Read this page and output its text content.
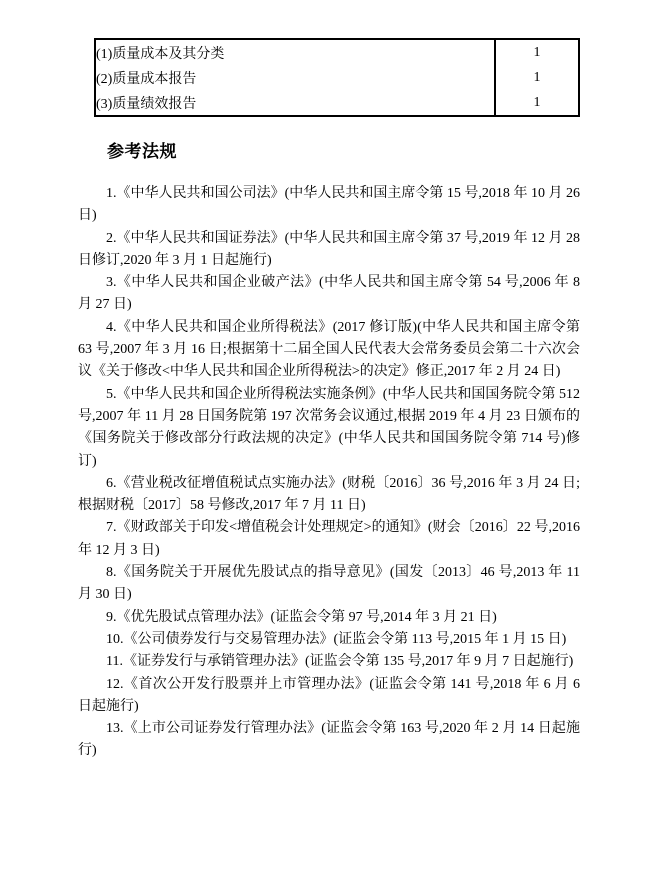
(1)质量成本及其分类	1
(2)质量成本报告	1
(3)质量绩效报告	1
参考法规

1.《中华人民共和国公司法》(中华人民共和国主席令第 15 号,2018 年 10 月 26 日)

2.《中华人民共和国证券法》(中华人民共和国主席令第 37 号,2019 年 12 月 28 日修订,2020 年 3 月 1 日起施行)

3.《中华人民共和国企业破产法》(中华人民共和国主席令第 54 号,2006 年 8 月 27 日)

4.《中华人民共和国企业所得税法》(2017 修订版)(中华人民共和国主席令第 63 号,2007 年 3 月 16 日;根据第十二届全国人民代表大会常务委员会第二十六次会议《关于修改<中华人民共和国企业所得税法>的决定》修正,2017 年 2 月 24 日)

5.《中华人民共和国企业所得税法实施条例》(中华人民共和国国务院令第 512 号,2007 年 11 月 28 日国务院第 197 次常务会议通过,根据 2019 年 4 月 23 日颁布的《国务院关于修改部分行政法规的决定》(中华人民共和国国务院令第 714 号)修订)

6.《营业税改征增值税试点实施办法》(财税〔2016〕36 号,2016 年 3 月 24 日;根据财税〔2017〕58 号修改,2017 年 7 月 11 日)

7.《财政部关于印发<增值税会计处理规定>的通知》(财会〔2016〕22 号,2016 年 12 月 3 日)

8.《国务院关于开展优先股试点的指导意见》(国发〔2013〕46 号,2013 年 11 月 30 日)

9.《优先股试点管理办法》(证监会令第 97 号,2014 年 3 月 21 日)

10.《公司债券发行与交易管理办法》(证监会令第 113 号,2015 年 1 月 15 日)

11.《证券发行与承销管理办法》(证监会令第 135 号,2017 年 9 月 7 日起施行)

12.《首次公开发行股票并上市管理办法》(证监会令第 141 号,2018 年 6 月 6 日起施行)

13.《上市公司证券发行管理办法》(证监会令第 163 号,2020 年 2 月 14 日起施行)
